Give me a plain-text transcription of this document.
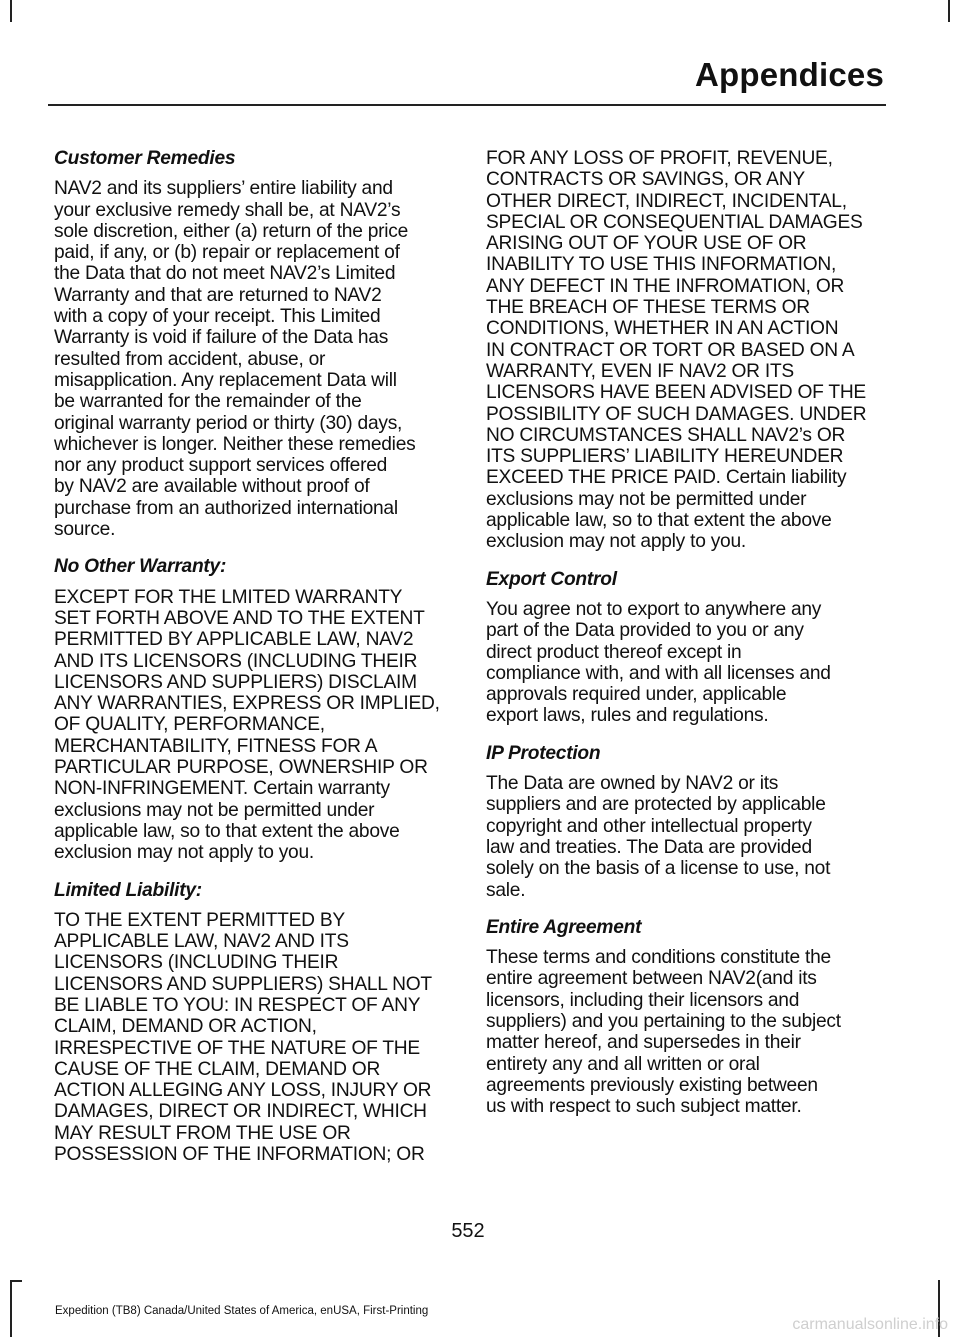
Appendices
Customer Remedies
NAV2 and its suppliers’ entire liability and
your exclusive remedy shall be, at NAV2’s
sole discretion, either (a) return of the price
paid, if any, or (b) repair or replacement of
the Data that do not meet NAV2’s Limited
Warranty and that are returned to NAV2
with a copy of your receipt. This Limited
Warranty is void if failure of the Data has
resulted from accident, abuse, or
misapplication. Any replacement Data will
be warranted for the remainder of the
original warranty period or thirty (30) days,
whichever is longer. Neither these remedies
nor any product support services offered
by NAV2 are available without proof of
purchase from an authorized international
source.
No Other Warranty:
EXCEPT FOR THE LMITED WARRANTY
SET FORTH ABOVE AND TO THE EXTENT
PERMITTED BY APPLICABLE LAW, NAV2
AND ITS LICENSORS (INCLUDING THEIR
LICENSORS AND SUPPLIERS) DISCLAIM
ANY WARRANTIES, EXPRESS OR IMPLIED,
OF QUALITY, PERFORMANCE,
MERCHANTABILITY, FITNESS FOR A
PARTICULAR PURPOSE, OWNERSHIP OR
NON-INFRINGEMENT. Certain warranty
exclusions may not be permitted under
applicable law, so to that extent the above
exclusion may not apply to you.
Limited Liability:
TO THE EXTENT PERMITTED BY
APPLICABLE LAW, NAV2 AND ITS
LICENSORS (INCLUDING THEIR
LICENSORS AND SUPPLIERS) SHALL NOT
BE LIABLE TO YOU: IN RESPECT OF ANY
CLAIM, DEMAND OR ACTION,
IRRESPECTIVE OF THE NATURE OF THE
CAUSE OF THE CLAIM, DEMAND OR
ACTION ALLEGING ANY LOSS, INJURY OR
DAMAGES, DIRECT OR INDIRECT, WHICH
MAY RESULT FROM THE USE OR
POSSESSION OF THE INFORMATION; OR
FOR ANY LOSS OF PROFIT, REVENUE,
CONTRACTS OR SAVINGS, OR ANY
OTHER DIRECT, INDIRECT, INCIDENTAL,
SPECIAL OR CONSEQUENTIAL DAMAGES
ARISING OUT OF YOUR USE OF OR
INABILITY TO USE THIS INFORMATION,
ANY DEFECT IN THE INFROMATION, OR
THE BREACH OF THESE TERMS OR
CONDITIONS, WHETHER IN AN ACTION
IN CONTRACT OR TORT OR BASED ON A
WARRANTY, EVEN IF NAV2 OR ITS
LICENSORS HAVE BEEN ADVISED OF THE
POSSIBILITY OF SUCH DAMAGES. UNDER
NO CIRCUMSTANCES SHALL NAV2’s OR
ITS SUPPLIERS’ LIABILITY HEREUNDER
EXCEED THE PRICE PAID. Certain liability
exclusions may not be permitted under
applicable law, so to that extent the above
exclusion may not apply to you.
Export Control
You agree not to export to anywhere any
part of the Data provided to you or any
direct product thereof except in
compliance with, and with all licenses and
approvals required under, applicable
export laws, rules and regulations.
IP Protection
The Data are owned by NAV2 or its
suppliers and are protected by applicable
copyright and other intellectual property
law and treaties. The Data are provided
solely on the basis of a license to use, not
sale.
Entire Agreement
These terms and conditions constitute the
entire agreement between NAV2(and its
licensors, including their licensors and
suppliers) and you pertaining to the subject
matter hereof, and supersedes in their
entirety any and all written or oral
agreements previously existing between
us with respect to such subject matter.
552
Expedition (TB8) Canada/United States of America, enUSA, First-Printing
carmanualsonline.info
